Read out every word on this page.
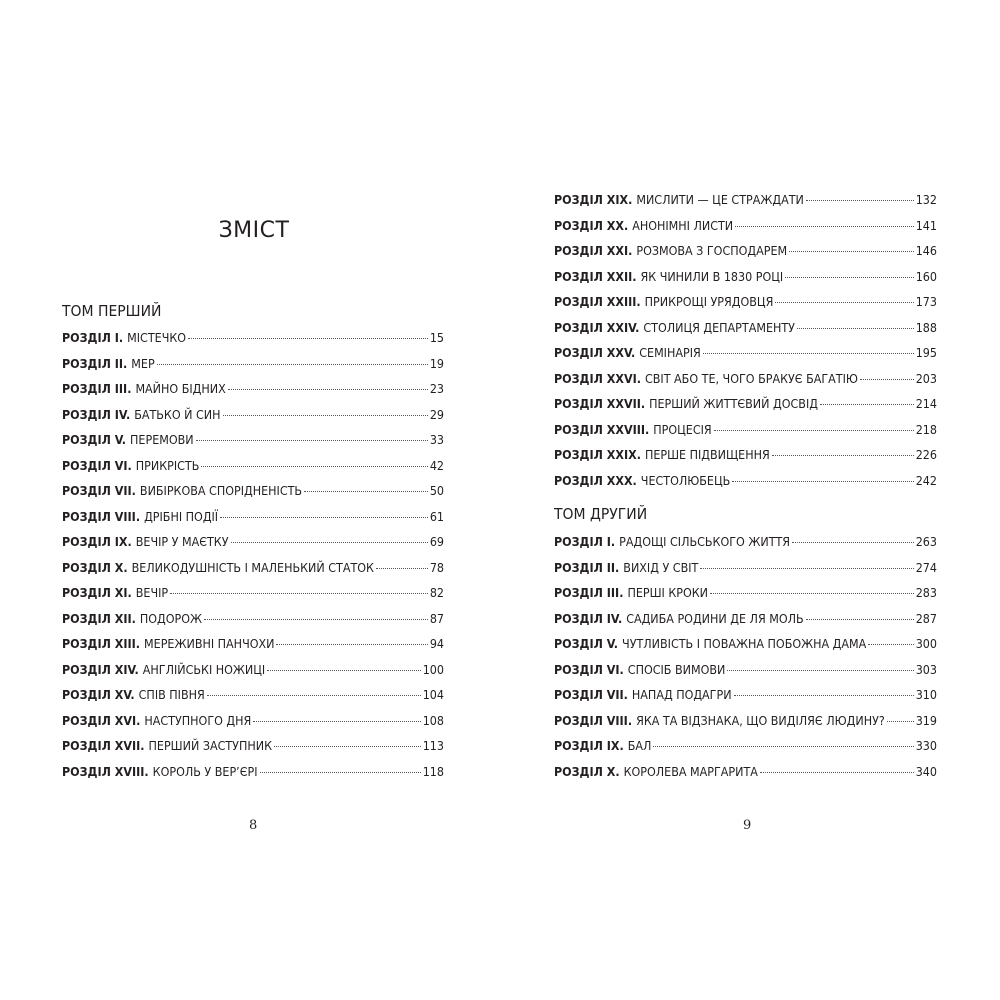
ЗМІСТ
ТОМ ПЕРШИЙ
РОЗДІЛ I. МІСТЕЧКО	15
РОЗДІЛ II. МЕР	19
РОЗДІЛ III. МАЙНО БІДНИХ	23
РОЗДІЛ IV. БАТЬКО Й СИН	29
РОЗДІЛ V. ПЕРЕМОВИ	33
РОЗДІЛ VI. ПРИКРІСТЬ	42
РОЗДІЛ VII. ВИБІРКОВА СПОРІДНЕНІСТЬ	50
РОЗДІЛ VIII. ДРІБНІ ПОДІЇ	61
РОЗДІЛ IX. ВЕЧІР У МАЄТКУ	69
РОЗДІЛ X. ВЕЛИКОДУШНІСТЬ І МАЛЕНЬКИЙ СТАТОК	78
РОЗДІЛ XI. ВЕЧІР	82
РОЗДІЛ XII. ПОДОРОЖ	87
РОЗДІЛ XIII. МЕРЕЖИВНІ ПАНЧОХИ	94
РОЗДІЛ XIV. АНГЛІЙСЬКІ НОЖИЦІ	100
РОЗДІЛ XV. СПІВ ПІВНЯ	104
РОЗДІЛ XVI. НАСТУПНОГО ДНЯ	108
РОЗДІЛ XVII. ПЕРШИЙ ЗАСТУПНИК	113
РОЗДІЛ XVIII. КОРОЛЬ У ВЕР’ЄРІ	118
8
РОЗДІЛ XIX. МИСЛИТИ — ЦЕ СТРАЖДАТИ	132
РОЗДІЛ XX. АНОНІМНІ ЛИСТИ	141
РОЗДІЛ XXI. РОЗМОВА З ГОСПОДАРЕМ	146
РОЗДІЛ XXII. ЯК ЧИНИЛИ В 1830 РОЦІ	160
РОЗДІЛ XXIII. ПРИКРОЩІ УРЯДОВЦЯ	173
РОЗДІЛ XXIV. СТОЛИЦЯ ДЕПАРТАМЕНТУ	188
РОЗДІЛ XXV. СЕМІНАРІЯ	195
РОЗДІЛ XXVI. СВІТ АБО ТЕ, ЧОГО БРАКУЄ БАГАТІЮ	203
РОЗДІЛ XXVII. ПЕРШИЙ ЖИТТЄВИЙ ДОСВІД	214
РОЗДІЛ XXVIII. ПРОЦЕСІЯ	218
РОЗДІЛ XXIX. ПЕРШЕ ПІДВИЩЕННЯ	226
РОЗДІЛ XXX. ЧЕСТОЛЮБЕЦЬ	242
ТОМ ДРУГИЙ
РОЗДІЛ I. РАДОЩІ СІЛЬСЬКОГО ЖИТТЯ	263
РОЗДІЛ II. ВИХІД У СВІТ	274
РОЗДІЛ III. ПЕРШІ КРОКИ	283
РОЗДІЛ IV. САДИБА РОДИНИ ДЕ ЛЯ МОЛЬ	287
РОЗДІЛ V. ЧУТЛИВІСТЬ І ПОВАЖНА ПОБОЖНА ДАМА	300
РОЗДІЛ VI. СПОСІБ ВИМОВИ	303
РОЗДІЛ VII. НАПАД ПОДАГРИ	310
РОЗДІЛ VIII. ЯКА ТА ВІДЗНАКА, ЩО ВИДІЛЯЄ ЛЮДИНУ? 319
РОЗДІЛ IX. БАЛ	330
РОЗДІЛ X. КОРОЛЕВА МАРГАРИТА	340
9
